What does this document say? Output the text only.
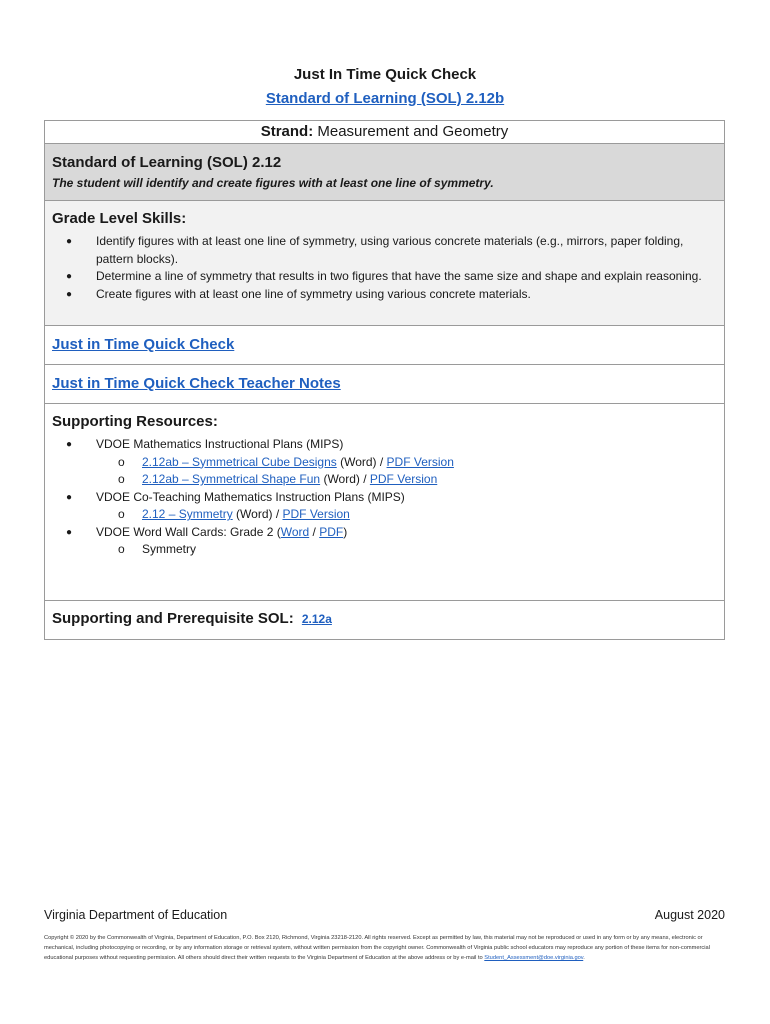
Just In Time Quick Check
Standard of Learning (SOL) 2.12b
Strand: Measurement and Geometry

Standard of Learning (SOL) 2.12
The student will identify and create figures with at least one line of symmetry.

Grade Level Skills:
● Identify figures with at least one line of symmetry, using various concrete materials (e.g., mirrors, paper folding, pattern blocks).
● Determine a line of symmetry that results in two figures that have the same size and shape and explain reasoning.
● Create figures with at least one line of symmetry using various concrete materials.

Just in Time Quick Check
Just in Time Quick Check Teacher Notes

Supporting Resources:
● VDOE Mathematics Instructional Plans (MIPS)
o 2.12ab – Symmetrical Cube Designs (Word) / PDF Version
o 2.12ab – Symmetrical Shape Fun (Word) / PDF Version
● VDOE Co-Teaching Mathematics Instruction Plans (MIPS)
o 2.12 – Symmetry (Word) / PDF Version
● VDOE Word Wall Cards: Grade 2 (Word / PDF)
o Symmetry

Supporting and Prerequisite SOL: 2.12a
Virginia Department of Education	August 2020
Copyright © 2020 by the Commonwealth of Virginia, Department of Education, P.O. Box 2120, Richmond, Virginia 23218-2120. All rights reserved. Except as permitted by law, this material may not be reproduced or used in any form or by any means, electronic or mechanical, including photocopying or recording, or by any information storage or retrieval system, without written permission from the copyright owner. Commonwealth of Virginia public school educators may reproduce any portion of these items for non-commercial educational purposes without requesting permission. All others should direct their written requests to the Virginia Department of Education at the above address or by e-mail to Student_Assessment@doe.virginia.gov.
